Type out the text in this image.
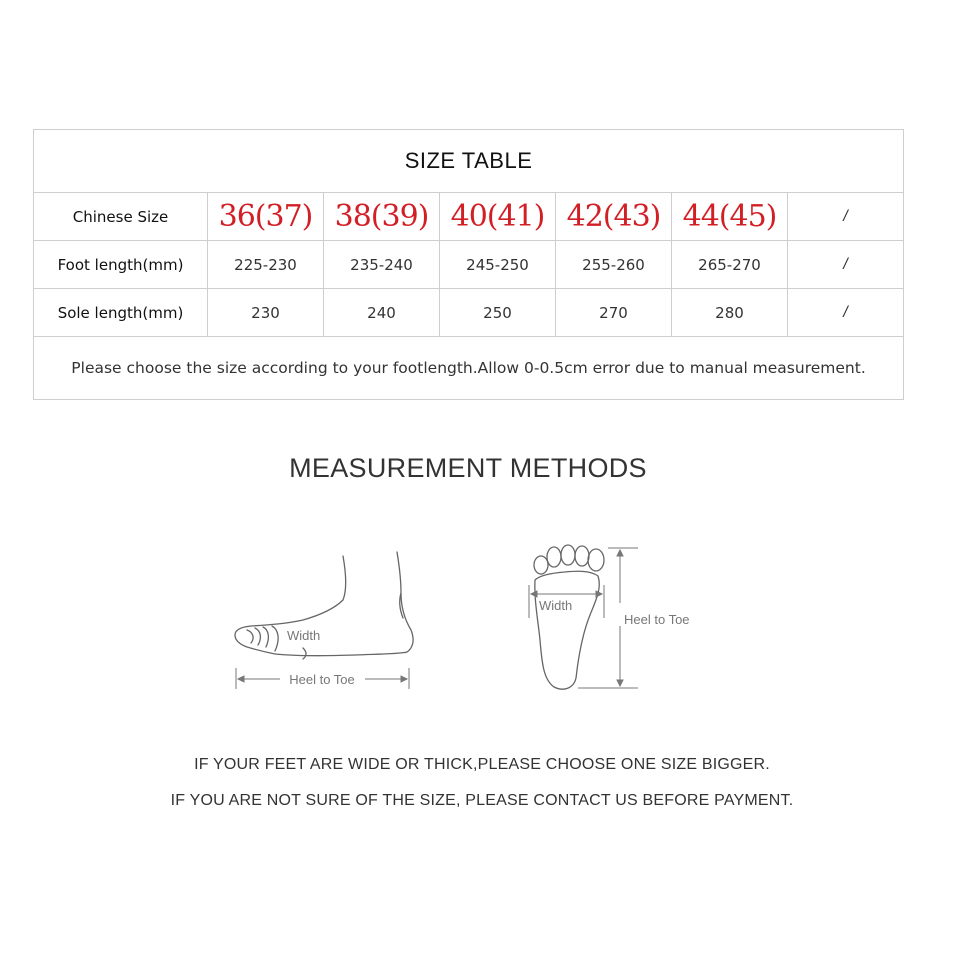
SIZE TABLE						
Chinese Size	36(37)	38(39)	40(41)	42(43)	44(45)	/
Foot length(mm)	225-230	235-240	245-250	255-260	265-270	/
Sole length(mm)	230	240	250	270	280	/
Please choose the size according to your footlength.Allow 0-0.5cm error due to manual measurement.						
MEASUREMENT METHODS
Width
Heel to Toe
Width
Heel to Toe
IF YOUR FEET ARE WIDE OR THICK,PLEASE CHOOSE ONE SIZE BIGGER.
IF YOU ARE NOT SURE OF THE SIZE, PLEASE CONTACT US BEFORE PAYMENT.
